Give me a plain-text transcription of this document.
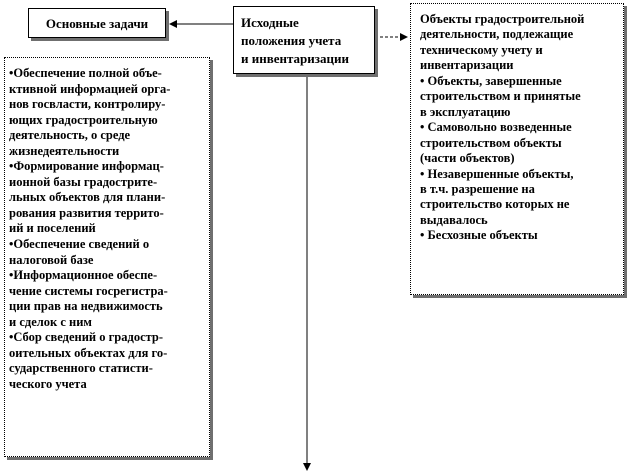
Основные задачи	Исходные
положения учета
и инвентаризации
•Обеспечение полной объе-
ктивной информацией орга-
нов госвласти, контролиру-
ющих градостроительную
деятельность, о среде
жизнедеятельности
•Формирование информац-
ионной базы градострите-
льных объектов для плани-
рования развития террито-
ий и поселений
•Обеспечение сведений о
налоговой базе
•Информационное обеспе-
чение системы госрегистра-
ции прав на недвижимость
и сделок с ним
•Сбор сведений о градостр-
оительных объектах для го-
сударственного статисти-
ческого учета
Объекты градостроительной
деятельности, подлежащие
техническому учету и
инвентаризации
• Объекты, завершенные
строительством и принятые
в эксплуатацию
• Самовольно возведенные
строительством объекты
(части объектов)
• Незавершенные объекты,
в т.ч. разрешение на
строительство которых не
выдавалось
• Бесхозные объекты
